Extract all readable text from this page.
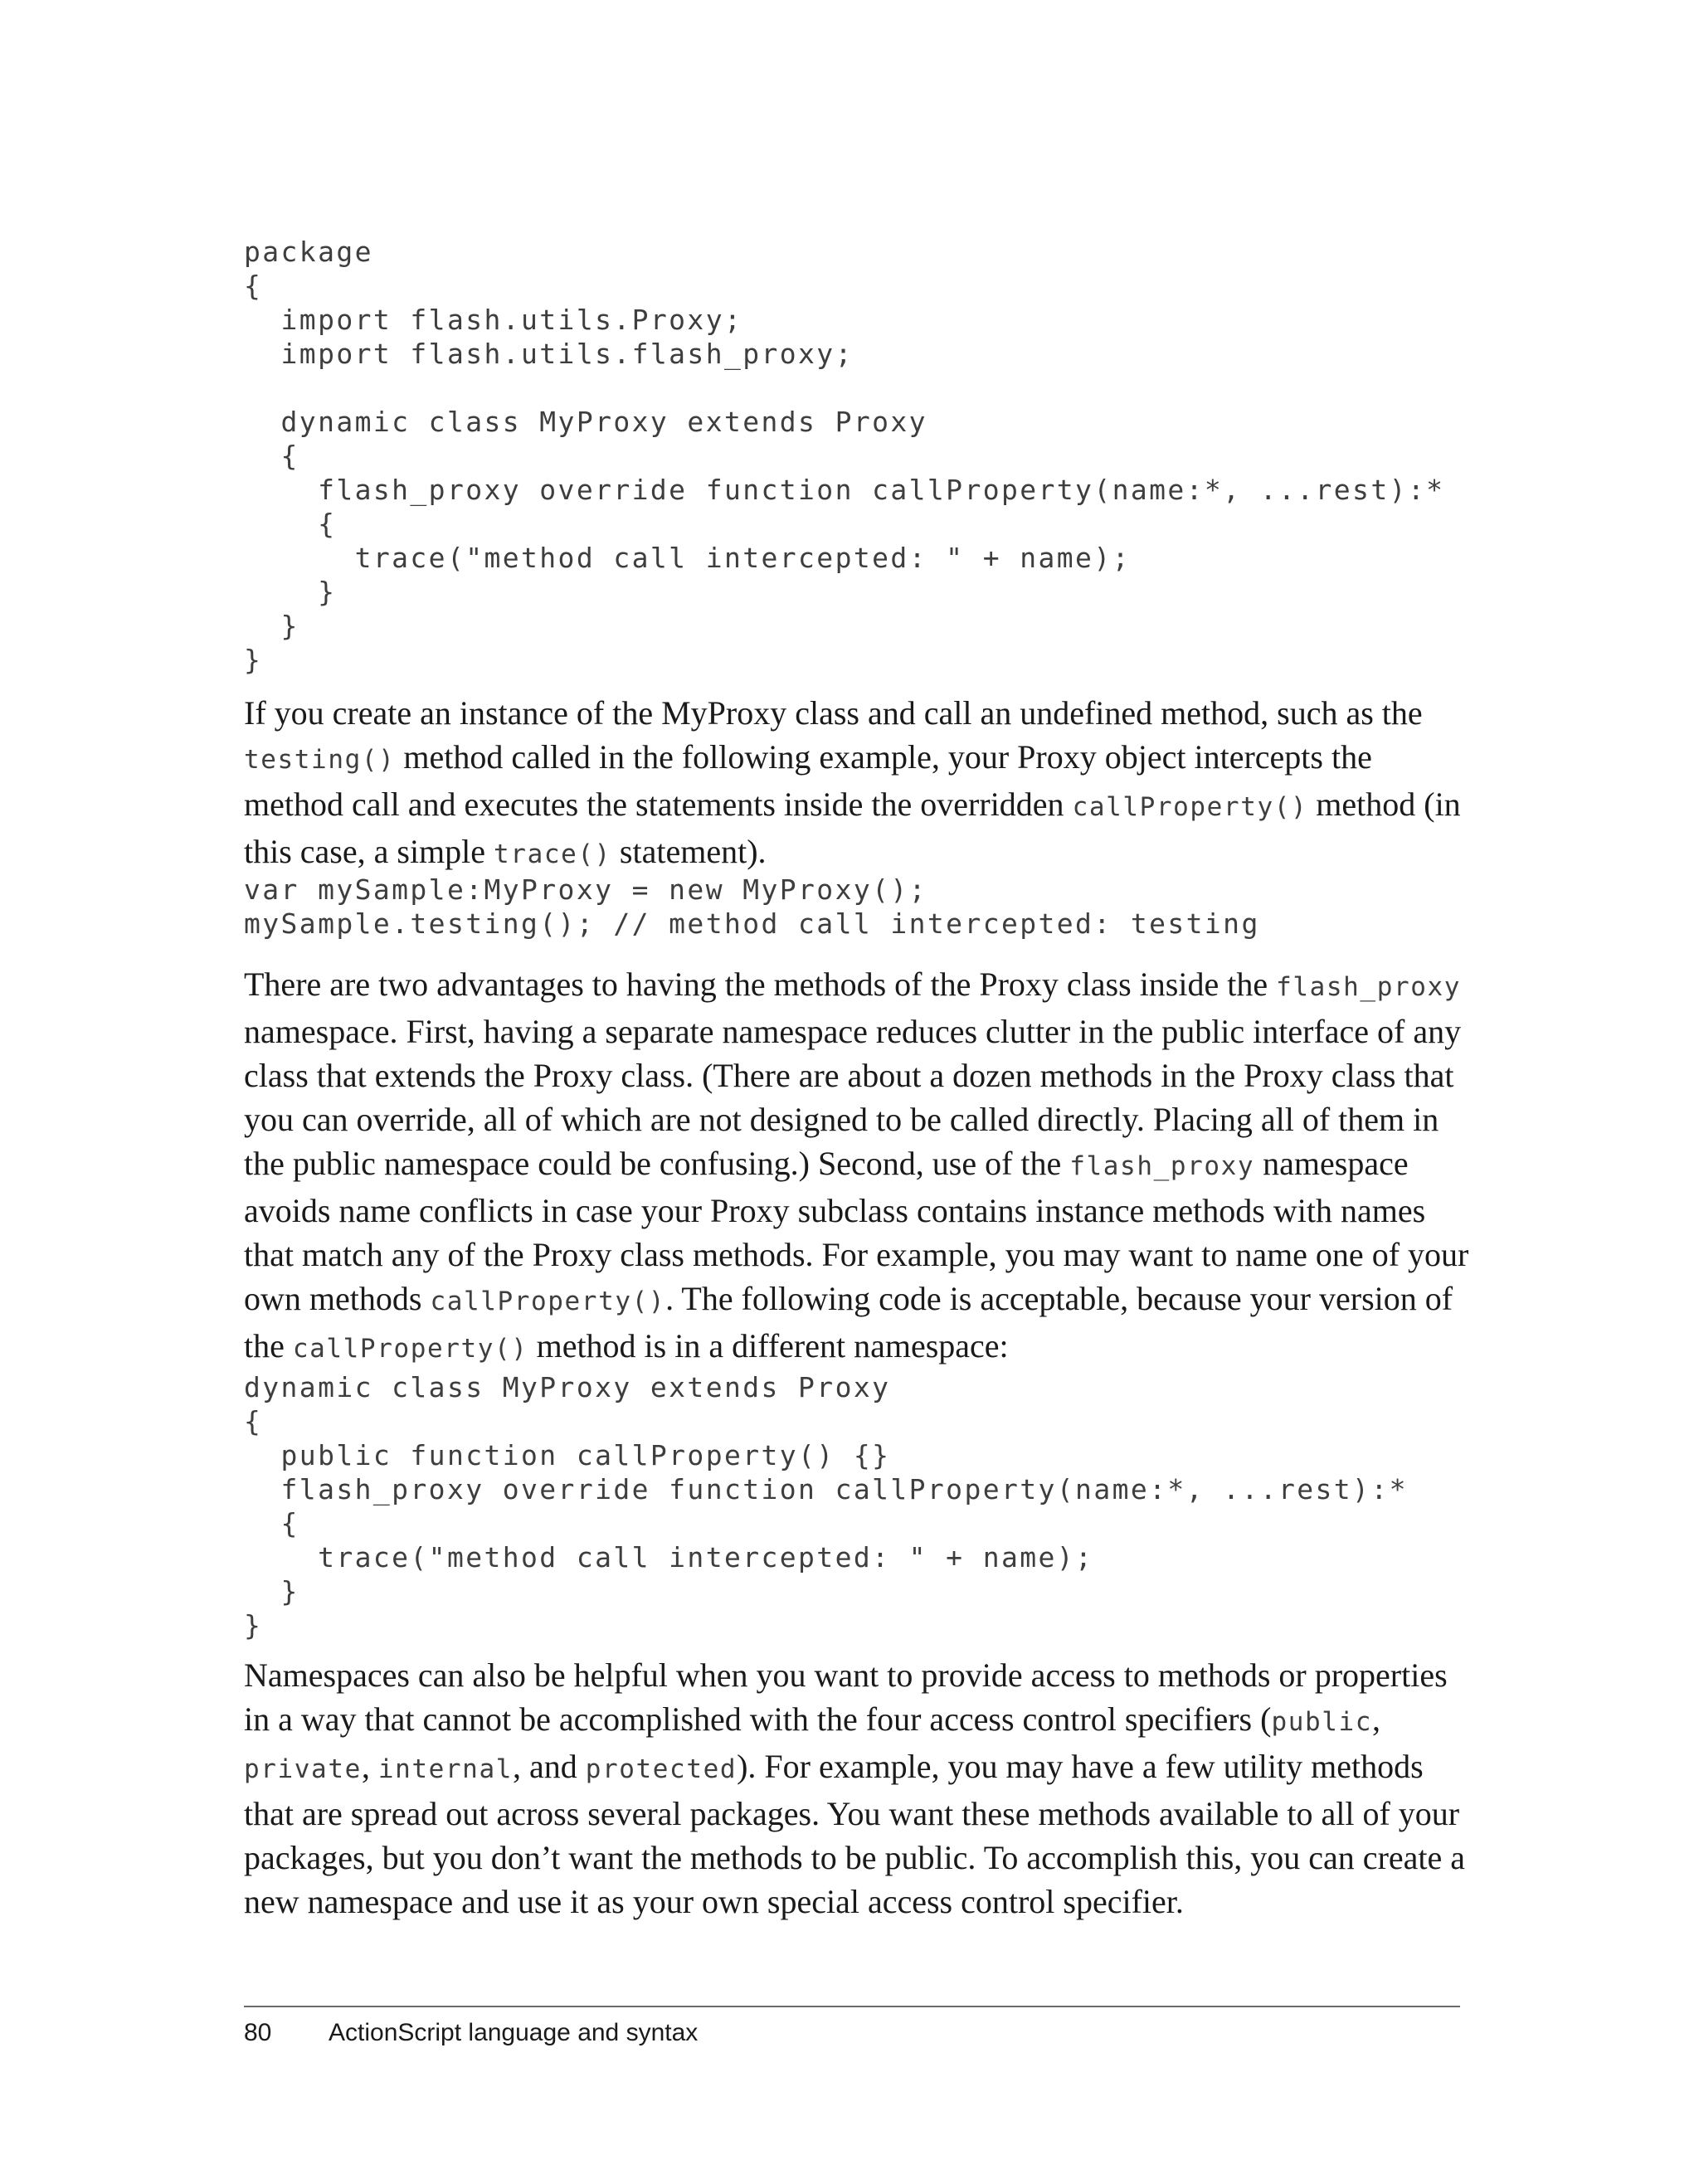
package
{
import flash.utils.Proxy;
import flash.utils.flash_proxy;

dynamic class MyProxy extends Proxy
{
flash_proxy override function callProperty(name:*, ...rest):*
{
trace("method call intercepted: " + name);
}
}
}

If you create an instance of the MyProxy class and call an undefined method, such as the testing() method called in the following example, your Proxy object intercepts the method call and executes the statements inside the overridden callProperty() method (in this case, a simple trace() statement).

var mySample:MyProxy = new MyProxy();
mySample.testing(); // method call intercepted: testing

There are two advantages to having the methods of the Proxy class inside the flash_proxy namespace. First, having a separate namespace reduces clutter in the public interface of any class that extends the Proxy class. (There are about a dozen methods in the Proxy class that you can override, all of which are not designed to be called directly. Placing all of them in the public namespace could be confusing.) Second, use of the flash_proxy namespace avoids name conflicts in case your Proxy subclass contains instance methods with names that match any of the Proxy class methods. For example, you may want to name one of your own methods callProperty(). The following code is acceptable, because your version of the callProperty() method is in a different namespace:

dynamic class MyProxy extends Proxy
{
public function callProperty() {}
flash_proxy override function callProperty(name:*, ...rest):*
{
trace("method call intercepted: " + name);
}
}

Namespaces can also be helpful when you want to provide access to methods or properties in a way that cannot be accomplished with the four access control specifiers (public, private, internal, and protected). For example, you may have a few utility methods that are spread out across several packages. You want these methods available to all of your packages, but you don’t want the methods to be public. To accomplish this, you can create a new namespace and use it as your own special access control specifier.

80 ActionScript language and syntax
